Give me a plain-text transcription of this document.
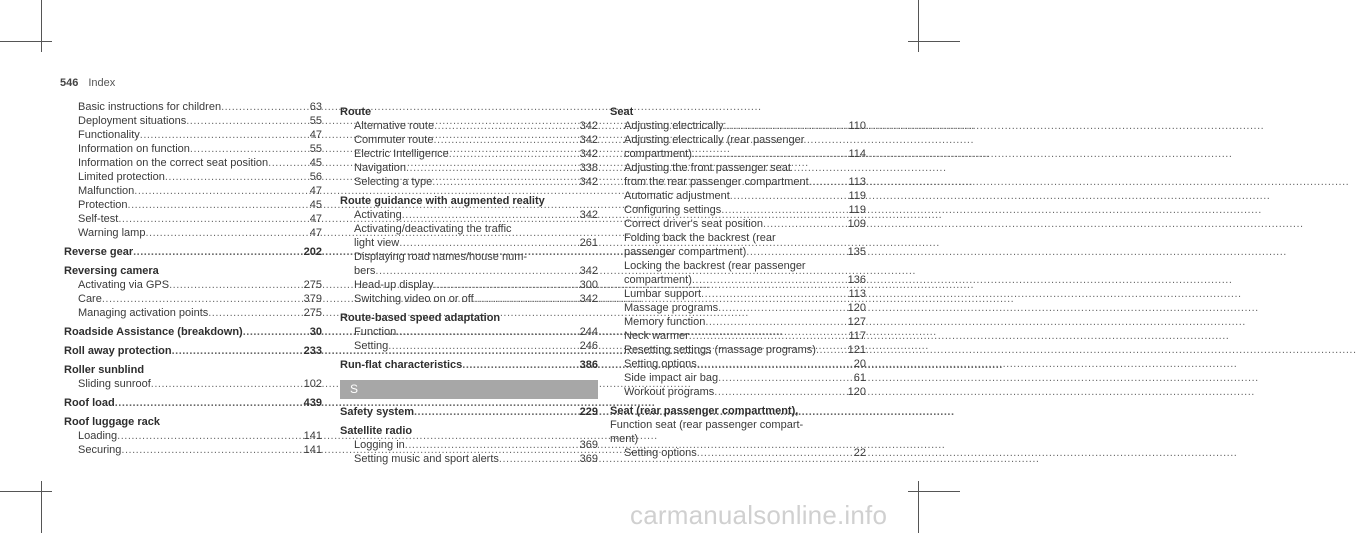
546 Index
Basic instructions for children .....	63
Deployment situations .....	55
Functionality .....	47
Information on function .....	55
Information on the correct seat position .....	45
Limited protection .....	56
Malfunction .....	47
Protection .....	45
Self-test .....	47
Warning lamp .....	47
Reverse gear .....	202
Reversing camera
Activating via GPS .....	275
Care .....	379
Managing activation points .....	275
Roadside Assistance (breakdown) .....	30
Roll away protection .....	233
Roller sunblind
Sliding sunroof .....	102
Roof load .....	439
Roof luggage rack
Loading .....	141
Securing .....	141
Route
Alternative route .....	342
Commuter route .....	342
Electric Intelligence .....	342
Navigation .....	338
Selecting a type .....	342
Route guidance with augmented reality
Activating .....	342
Activating/deactivating the traffic
light view .....	261
Displaying road names/house num-
bers .....	342
Head-up display .....	300
Switching video on or off .....	342
Route-based speed adaptation
Function .....	244
Setting .....	246
Run-flat characteristics .....	386
S
Safety system .....	229
Satellite radio
Logging in .....	369
Setting music and sport alerts .....	369
Seat
Adjusting electrically .....	110
Adjusting electrically (rear passenger
compartment) .....	114
Adjusting the front passenger seat
from the rear passenger compartment .....	113
Automatic adjustment .....	119
Configuring settings .....	119
Correct driver's seat position .....	109
Folding back the backrest (rear
passenger compartment) .....	135
Locking the backrest (rear passenger
compartment) .....	136
Lumbar support .....	113
Massage programs .....	120
Memory function .....	127
Neck warmer .....	117
Resetting settings (massage programs) .....	121
Setting options .....	20
Side impact air bag .....	61
Workout programs .....	120
Seat (rear passenger compartment),
Function seat (rear passenger compart-
ment)
Setting options .....	22
carmanualsonline.info
